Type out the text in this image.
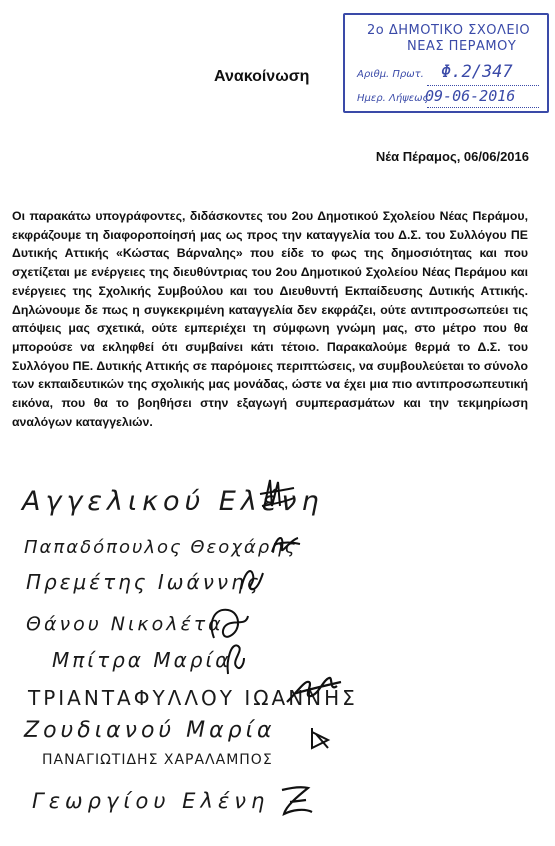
2ο ΔΗΜΟΤΙΚΟ ΣΧΟΛΕΙΟ
ΝΕΑΣ ΠΕΡΑΜΟΥ
Αριθμ. Πρωτ. Φ.2/347
Ημερ. Λήψεως
09-06-2016
Ανακοίνωση
Νέα Πέραμος, 06/06/2016
Οι παρακάτω υπογράφοντες, διδάσκοντες του 2ου Δημοτικού Σχολείου Νέας Περάμου, εκφράζουμε τη διαφοροποίησή μας ως προς την καταγγελία του Δ.Σ. του Συλλόγου ΠΕ Δυτικής Αττικής «Κώστας Βάρναλης» που είδε το φως της δημοσιότητας και που σχετίζεται με ενέργειες της διευθύντριας του 2ου Δημοτικού Σχολείου Νέας Περάμου και ενέργειες της Σχολικής Συμβούλου και του Διευθυντή Εκπαίδευσης Δυτικής Αττικής. Δηλώνουμε δε πως η συγκεκριμένη καταγγελία δεν εκφράζει, ούτε αντιπροσωπεύει τις απόψεις μας σχετικά, ούτε εμπεριέχει τη σύμφωνη γνώμη μας, στο μέτρο που θα μπορούσε να εκληφθεί ότι συμβαίνει κάτι τέτοιο. Παρακαλούμε θερμά το Δ.Σ. του Συλλόγου ΠΕ. Δυτικής Αττικής σε παρόμοιες περιπτώσεις, να συμβουλεύεται το σύνολο των εκπαιδευτικών της σχολικής μας μονάδας, ώστε να έχει μια πιο αντιπροσωπευτική εικόνα, που θα το βοηθήσει στην εξαγωγή συμπερασμάτων και την τεκμηρίωση αναλόγων καταγγελιών.
Αγγελικού Ελένη
Παπαδόπουλος Θεοχάρης
Πρεμέτης Ιωάννης
Θάνου Νικολέτα
Μπίτρα Μαρία
ΤΡΙΑΝΤΑΦΥΛΛΟΥ ΙΩΑΝΝΗΣ
Ζουδιανού Μαρία
ΠΑΝΑΓΙΩΤΙΔΗΣ ΧΑΡΑΛΑΜΠΟΣ
Γεωργίου Ελένη
